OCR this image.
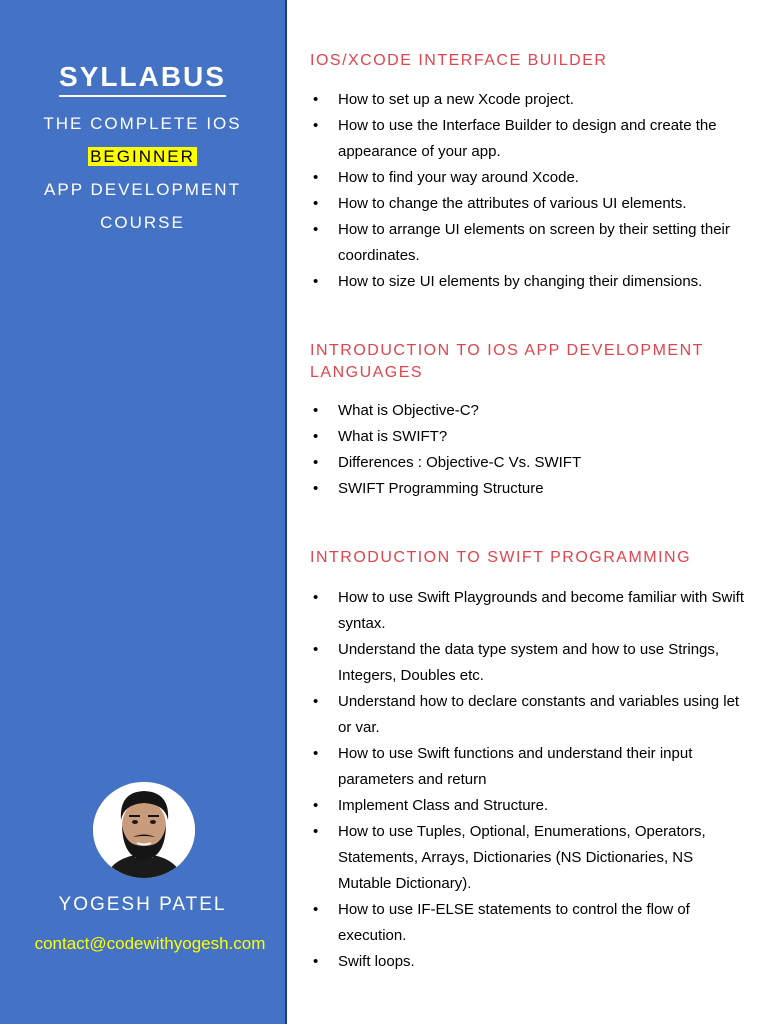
SYLLABUS
THE COMPLETE IOS
BEGINNER
APP DEVELOPMENT
COURSE
YOGESH PATEL
contact@codewithyogesh.com
IOS/XCODE INTERFACE BUILDER
• How to set up a new Xcode project.
• How to use the Interface Builder to design and create the appearance of your app.
• How to find your way around Xcode.
• How to change the attributes of various UI elements.
• How to arrange UI elements on screen by their setting their coordinates.
• How to size UI elements by changing their dimensions.
INTRODUCTION TO IOS APP DEVELOPMENT LANGUAGES
• What is Objective-C?
• What is SWIFT?
• Differences : Objective-C Vs. SWIFT
• SWIFT Programming Structure
INTRODUCTION TO SWIFT PROGRAMMING
• How to use Swift Playgrounds and become familiar with Swift syntax.
• Understand the data type system and how to use Strings, Integers, Doubles etc.
• Understand how to declare constants and variables using let or var.
• How to use Swift functions and understand their input parameters and return
• Implement Class and Structure.
• How to use Tuples, Optional, Enumerations, Operators, Statements, Arrays, Dictionaries (NS Dictionaries, NS Mutable Dictionary).
• How to use IF-ELSE statements to control the flow of execution.
• Swift loops.
